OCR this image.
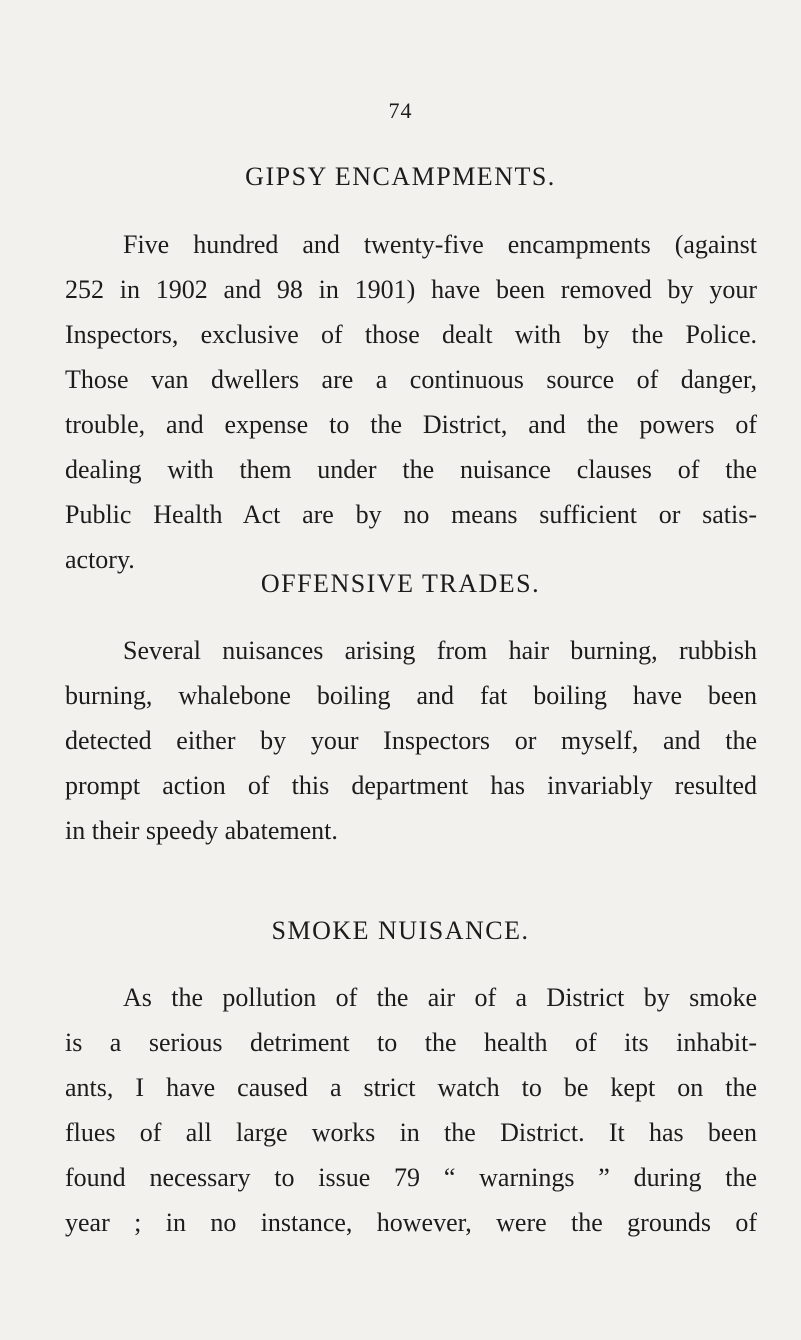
74
GIPSY ENCAMPMENTS.
Five hundred and twenty-five encampments (against
252 in 1902 and 98 in 1901) have been removed by your
Inspectors, exclusive of those dealt with by the Police.
Those van dwellers are a continuous source of danger,
trouble, and expense to the District, and the powers of
dealing with them under the nuisance clauses of the
Public Health Act are by no means sufficient or satis-
actory.
OFFENSIVE TRADES.
Several nuisances arising from hair burning, rubbish
burning, whalebone boiling and fat boiling have been
detected either by your Inspectors or myself, and the
prompt action of this department has invariably resulted
in their speedy abatement.
SMOKE NUISANCE.
As the pollution of the air of a District by smoke
is a serious detriment to the health of its inhabit-
ants, I have caused a strict watch to be kept on the
flues of all large works in the District. It has been
found necessary to issue 79 “ warnings ” during the
year ; in no instance, however, were the grounds of
